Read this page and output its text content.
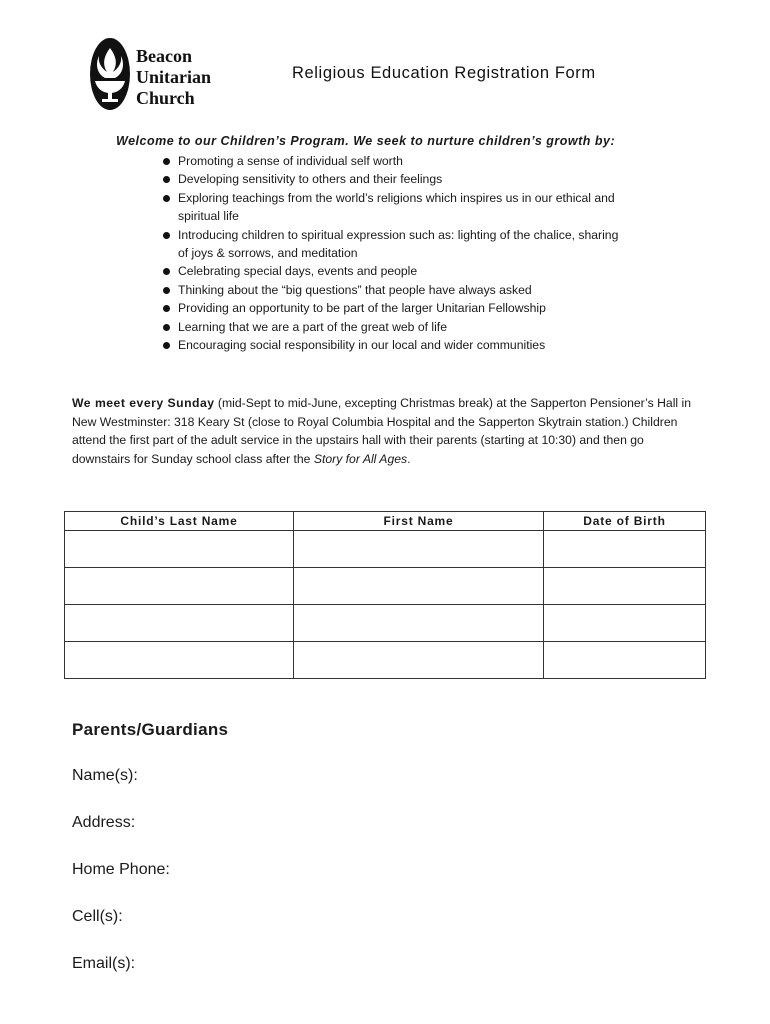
Beacon
Unitarian
Church
Religious Education Registration Form
Welcome to our Children’s Program. We seek to nurture children’s growth by:
Promoting a sense of individual self worth
Developing sensitivity to others and their feelings
Exploring teachings from the world’s religions which inspires us in our ethical and spiritual life
Introducing children to spiritual expression such as: lighting of the chalice, sharing of joys & sorrows, and meditation
Celebrating special days, events and people
Thinking about the “big questions” that people have always asked
Providing an opportunity to be part of the larger Unitarian Fellowship
Learning that we are a part of the great web of life
Encouraging social responsibility in our local and wider communities
We meet every Sunday (mid-Sept to mid-June, excepting Christmas break) at the Sapperton Pensioner’s Hall in New Westminster: 318 Keary St (close to Royal Columbia Hospital and the Sapperton Skytrain station.) Children attend the first part of the adult service in the upstairs hall with their parents (starting at 10:30) and then go downstairs for Sunday school class after the Story for All Ages.
Child’s Last Name	First Name	Date of Birth

Parents/Guardians
Name(s):
Address:
Home Phone:
Cell(s):
Email(s):
